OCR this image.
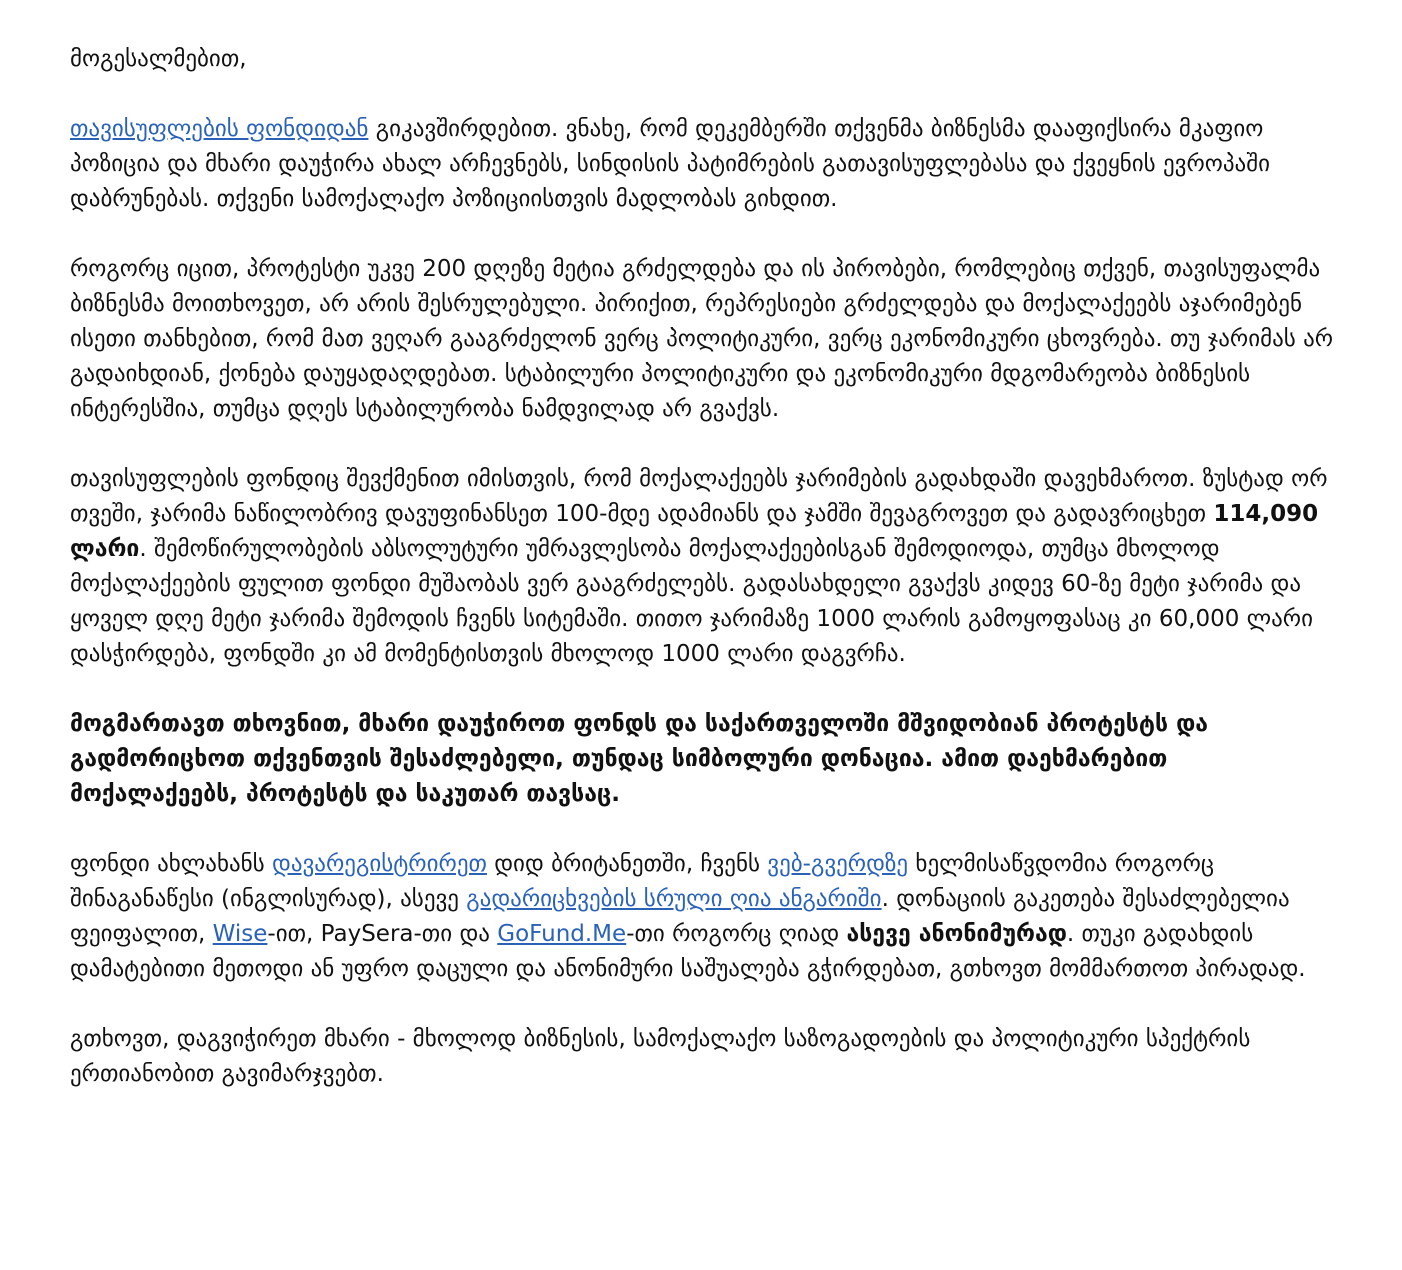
მოგესალმებით,

თავისუფლების ფონდიდან გიკავშირდებით. ვნახე, რომ დეკემბერში თქვენმა ბიზნესმა დააფიქსირა მკაფიო პოზიცია და მხარი დაუჭირა ახალ არჩევნებს, სინდისის პატიმრების გათავისუფლებასა და ქვეყნის ევროპაში დაბრუნებას. თქვენი სამოქალაქო პოზიციისთვის მადლობას გიხდით.

როგორც იცით, პროტესტი უკვე 200 დღეზე მეტია გრძელდება და ის პირობები, რომლებიც თქვენ, თავისუფალმა ბიზნესმა მოითხოვეთ, არ არის შესრულებული. პირიქით, რეპრესიები გრძელდება და მოქალაქეებს აჯარიმებენ ისეთი თანხებით, რომ მათ ვეღარ გააგრძელონ ვერც პოლიტიკური, ვერც ეკონომიკური ცხოვრება. თუ ჯარიმას არ გადაიხდიან, ქონება დაუყადაღდებათ. სტაბილური პოლიტიკური და ეკონომიკური მდგომარეობა ბიზნესის ინტერესშია, თუმცა დღეს სტაბილურობა ნამდვილად არ გვაქვს.

თავისუფლების ფონდიც შევქმენით იმისთვის, რომ მოქალაქეებს ჯარიმების გადახდაში დავეხმაროთ. ზუსტად ორ თვეში, ჯარიმა ნაწილობრივ დავუფინანსეთ 100-მდე ადამიანს და ჯამში შევაგროვეთ და გადავრიცხეთ 114,090 ლარი. შემოწირულობების აბსოლუტური უმრავლესობა მოქალაქეებისგან შემოდიოდა, თუმცა მხოლოდ მოქალაქეების ფულით ფონდი მუშაობას ვერ გააგრძელებს. გადასახდელი გვაქვს კიდევ 60-ზე მეტი ჯარიმა და ყოველ დღე მეტი ჯარიმა შემოდის ჩვენს სიტემაში. თითო ჯარიმაზე 1000 ლარის გამოყოფასაც კი 60,000 ლარი დასჭირდება, ფონდში კი ამ მომენტისთვის მხოლოდ 1000 ლარი დაგვრჩა.

მოგმართავთ თხოვნით, მხარი დაუჭიროთ ფონდს და საქართველოში მშვიდობიან პროტესტს და გადმორიცხოთ თქვენთვის შესაძლებელი, თუნდაც სიმბოლური დონაცია. ამით დაეხმარებით მოქალაქეებს, პროტესტს და საკუთარ თავსაც.

ფონდი ახლახანს დავარეგისტრირეთ დიდ ბრიტანეთში, ჩვენს ვებ-გვერდზე ხელმისაწვდომია როგორც შინაგანაწესი (ინგლისურად), ასევე გადარიცხვების სრული ღია ანგარიში. დონაციის გაკეთება შესაძლებელია ფეიფალით, Wise-ით, PaySera-თი და GoFund.Me-თი როგორც ღიად ასევე ანონიმურად. თუკი გადახდის დამატებითი მეთოდი ან უფრო დაცული და ანონიმური საშუალება გჭირდებათ, გთხოვთ მომმართოთ პირადად.

გთხოვთ, დაგვიჭირეთ მხარი - მხოლოდ ბიზნესის, სამოქალაქო საზოგადოების და პოლიტიკური სპექტრის ერთიანობით გავიმარჯვებთ.
